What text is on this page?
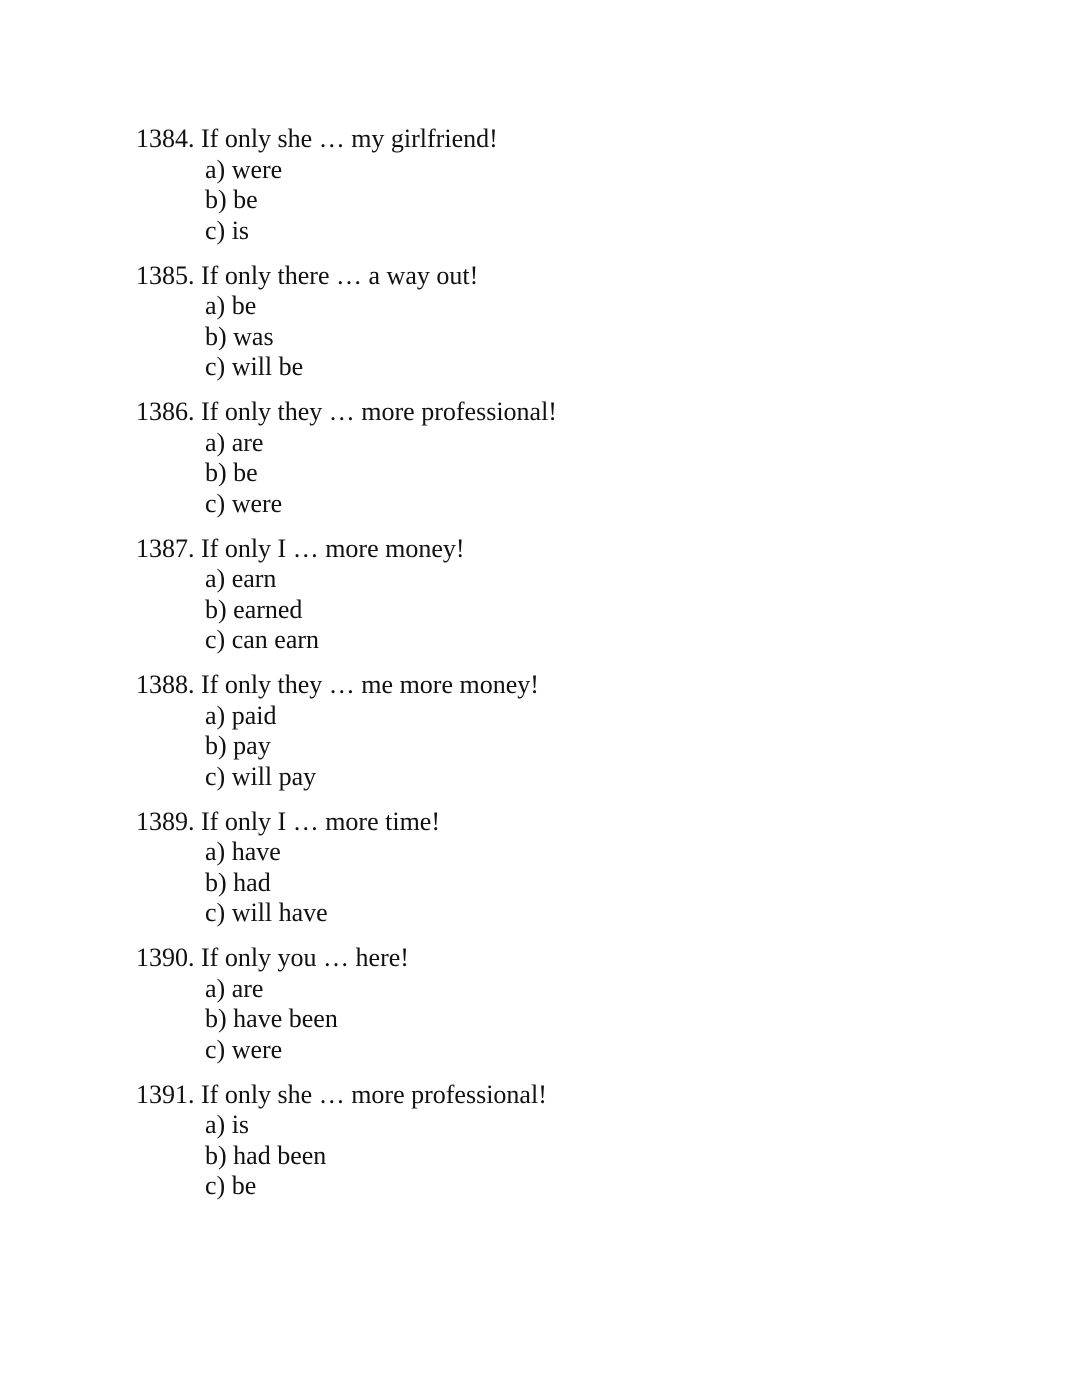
1384. If only she … my girlfriend!
a) were
b) be
c) is
1385. If only there … a way out!
a) be
b) was
c) will be
1386. If only they … more professional!
a) are
b) be
c) were
1387. If only I … more money!
a) earn
b) earned
c) can earn
1388. If only they … me more money!
a) paid
b) pay
c) will pay
1389. If only I … more time!
a) have
b) had
c) will have
1390. If only you … here!
a) are
b) have been
c) were
1391. If only she … more professional!
a) is
b) had been
c) be
